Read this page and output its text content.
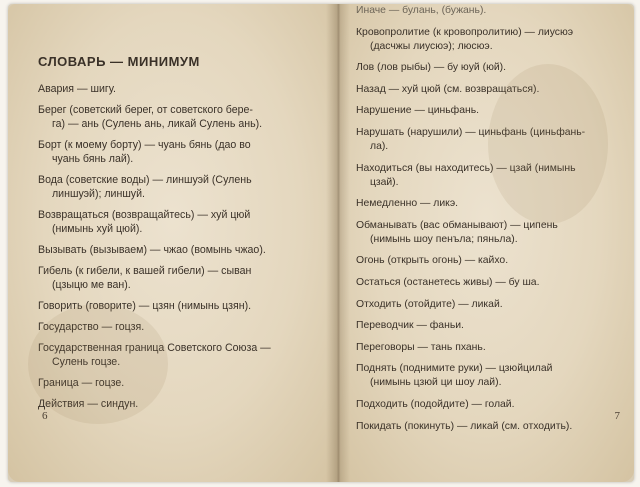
СЛОВАРЬ — МИНИМУМ
Авария — шигу.
Берег (советский берег, от советского бере-
га) — ань (Сулень ань, ликай Сулень ань).
Борт (к моему борту) — чуань бянь (дао во
чуань бянь лай).
Вода (советские воды) — линшуэй (Сулень
линшуэй); линшуй.
Возвращаться (возвращайтесь) — хуй цюй
(нимынь хуй цюй).
Вызывать (вызываем) — чжао (вомынь чжао).
Гибель (к гибели, к вашей гибели) — сыван
(цзыцю ме ван).
Говорить (говорите) — цзян (нимынь цзян).
Государство — гоцзя.
Государственная граница Советского Союза —
Сулень гоцзе.
Граница — гоцзе.
Действия — синдун.
6
Иначе — булань, (бужань).
Кровопролитие (к кровопролитию) — лиусюэ
(дасчжы лиусюэ); люсюэ.
Лов (лов рыбы) — бу юуй (юй).
Назад — хуй цюй (см. возвращаться).
Нарушение — циньфань.
Нарушать (нарушили) — циньфань (циньфань-
ла).
Находиться (вы находитесь) — цзай (нимынь
цзай).
Немедленно — ликэ.
Обманывать (вас обманывают) — ципень
(нимынь шоу пенъла; пяньла).
Огонь (открыть огонь) — кайхо.
Остаться (останетесь живы) — бу ша.
Отходить (отойдите) — ликай.
Переводчик — фаньи.
Переговоры — тань пхань.
Поднять (поднимите руки) — цзюйцилай
(нимынь цзюй ци шоу лай).
Подходить (подойдите) — голай.
Покидать (покинуть) — ликай (см. отходить).
7
